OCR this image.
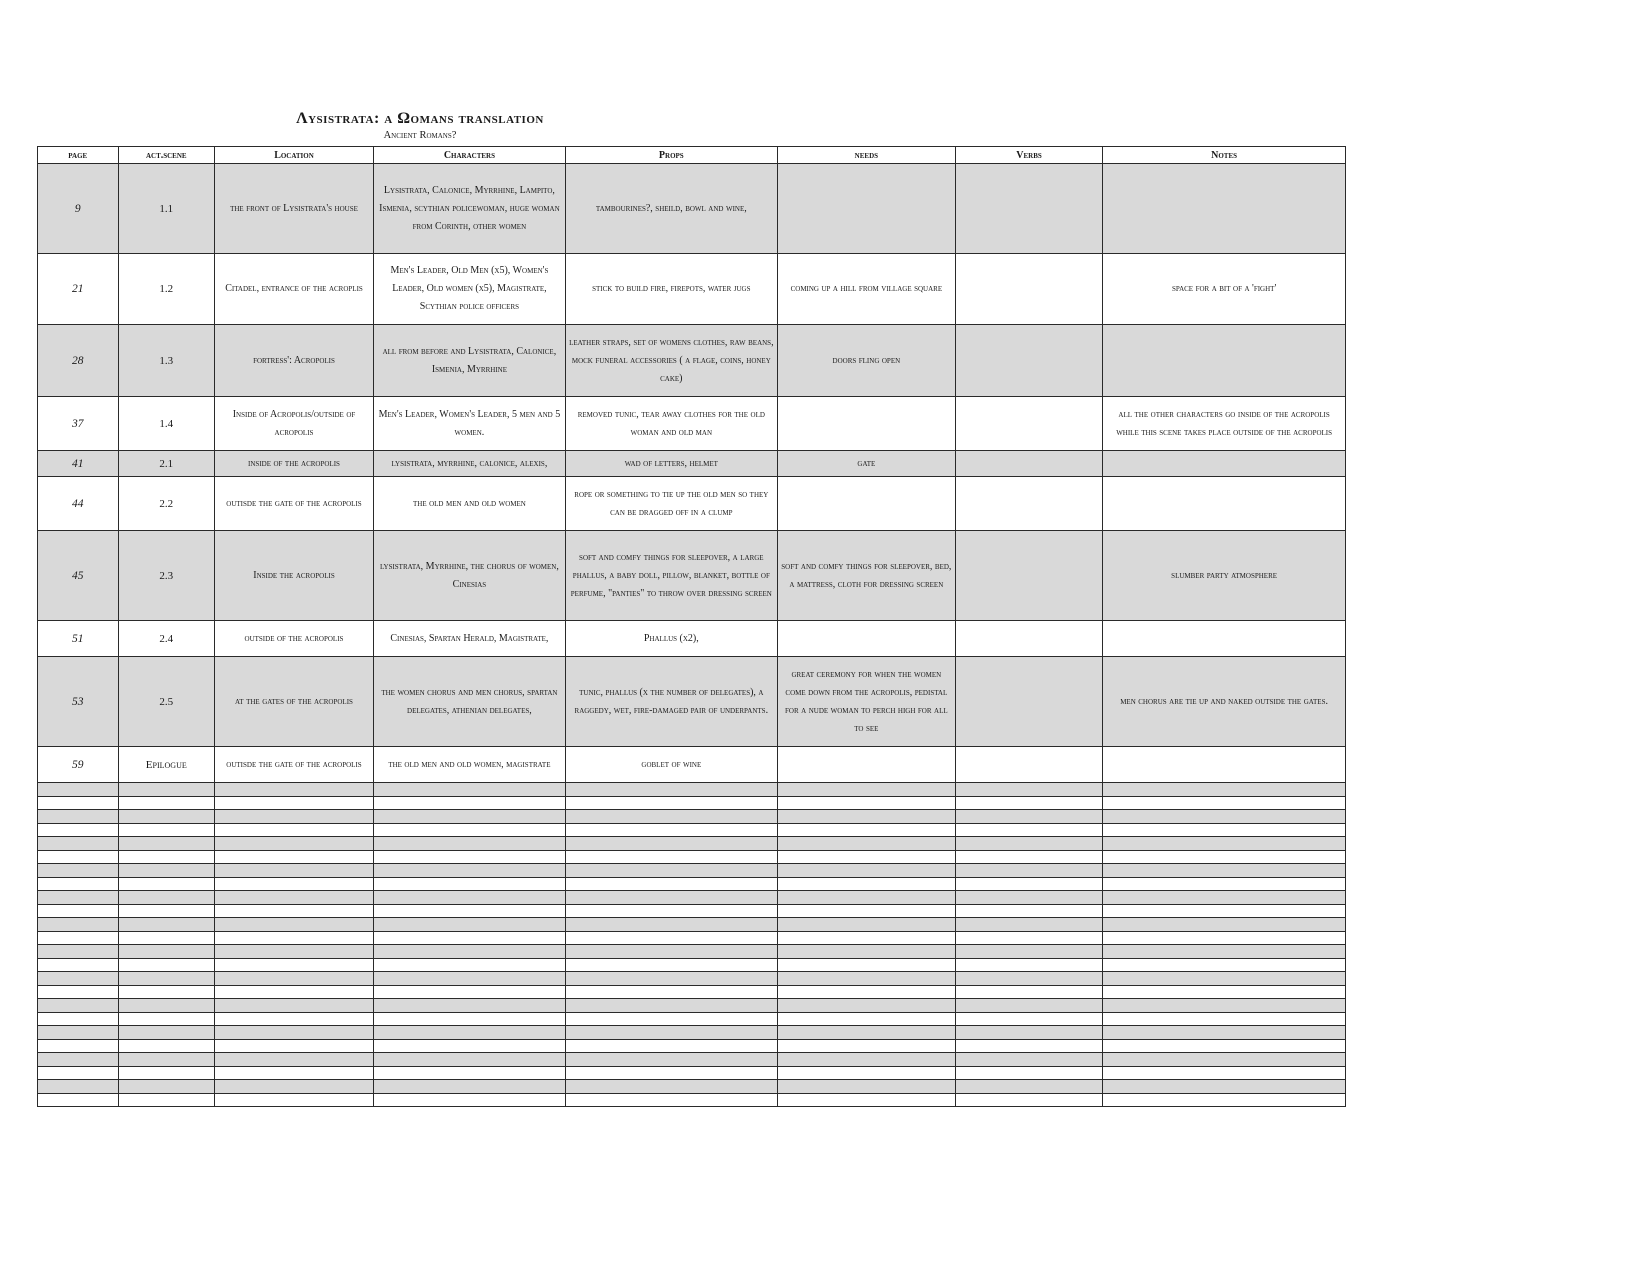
Λysistrata: a Ωomans translation
Ancient Romans?
page	act.scene	Location	Characters	Props	needs	Verbs	Notes
9	1.1	the front of Lysistrata's house	Lysistrata, Calonice, Myrrhine, Lampito, Ismenia, scythian policewoman, huge woman from Corinth, other women	tambourines?, sheild, bowl and wine,			
21	1.2	Citadel, entrance of the acroplis	Men's Leader, Old Men (x5), Women's Leader, Old women (x5), Magistrate, Scythian police officers	stick to build fire, firepots, water jugs	coming up a hill from village square		space for a bit of a 'fight'
28	1.3	fortress': Acropolis	all from before and Lysistrata, Calonice, Ismenia, Myrrhine	leather straps, set of womens clothes, raw beans, mock funeral accessories ( a flage, coins, honey cake)	doors fling open		
37	1.4	Inside of Acropolis/outside of acropolis	Men's Leader, Women's Leader, 5 men and 5 women.	removed tunic, tear away clothes for the old woman and old man			all the other characters go inside of the acropolis while this scene takes place outside of the acropolis
41	2.1	inside of the acropolis	lysistrata, myrrhine, calonice, alexis,	wad of letters, helmet	gate		
44	2.2	outisde the gate of the acropolis	the old men and old women	rope or something to tie up the old men so they can be dragged off in a clump			
45	2.3	Inside the acropolis	lysistrata, Myrrhine, the chorus of women, Cinesias	soft and comfy things for sleepover, a large phallus, a baby doll, pillow, blanket, bottle of perfume, "panties" to throw over dressing screen	soft and comfy things for sleepover, bed, a mattress, cloth for dressing screen		slumber party atmosphere
51	2.4	outside of the acropolis	Cinesias, Spartan Herald, Magistrate,	Phallus (x2),			
53	2.5	at the gates of the acropolis	the women chorus and men chorus, spartan delegates, athenian delegates,	tunic, phallus (x the number of delegates), a raggedy, wet, fire-damaged pair of underpants.	great ceremony for when the women come down from the acropolis, pedistal for a nude woman to perch high for all to see		men chorus are tie up and naked outside the gates.
59	Epilogue	outisde the gate of the acropolis	the old men and old women, magistrate	goblet of wine			
